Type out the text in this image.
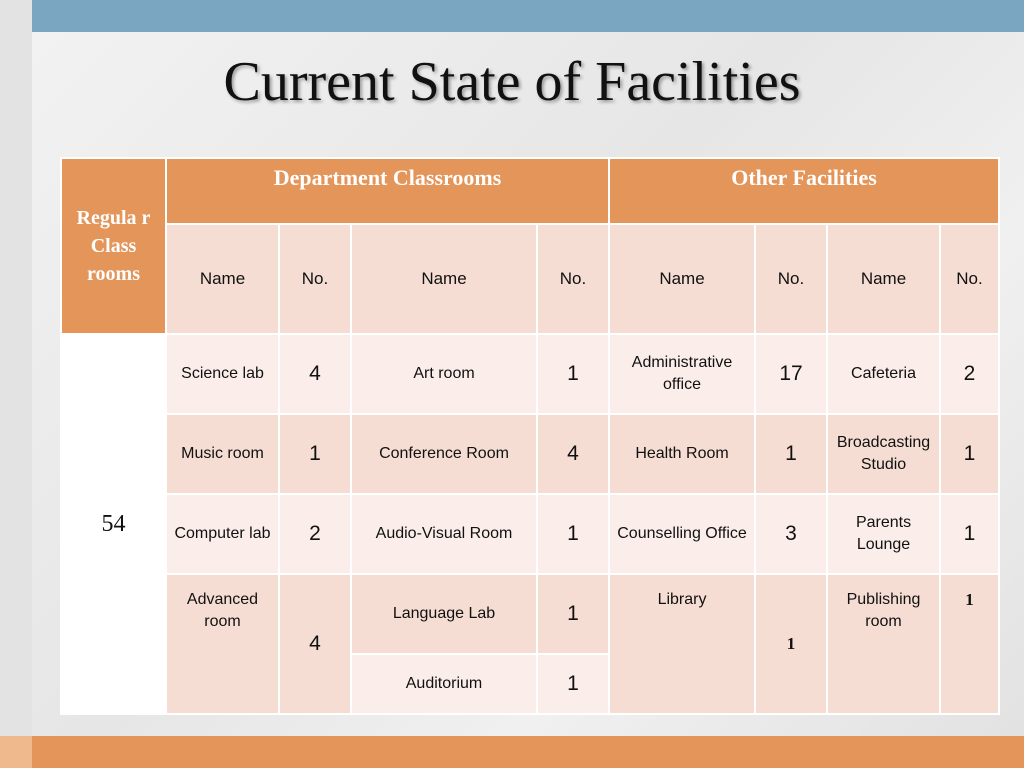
Current State of Facilities
Regula r Class rooms	Department Classrooms				Other Facilities			
	Name	No.	Name	No.	Name	No.	Name	No.
54	Science lab	4	Art room	1	Administrative office	17	Cafeteria	2
	Music room	1	Conference Room	4	Health Room	1	Broadcasting Studio	1
	Computer lab	2	Audio-Visual Room	1	Counselling Office	3	Parents Lounge	1
	Advanced room	4	Language Lab	1	Library	1	Publishing room	1
			Auditorium	1				
